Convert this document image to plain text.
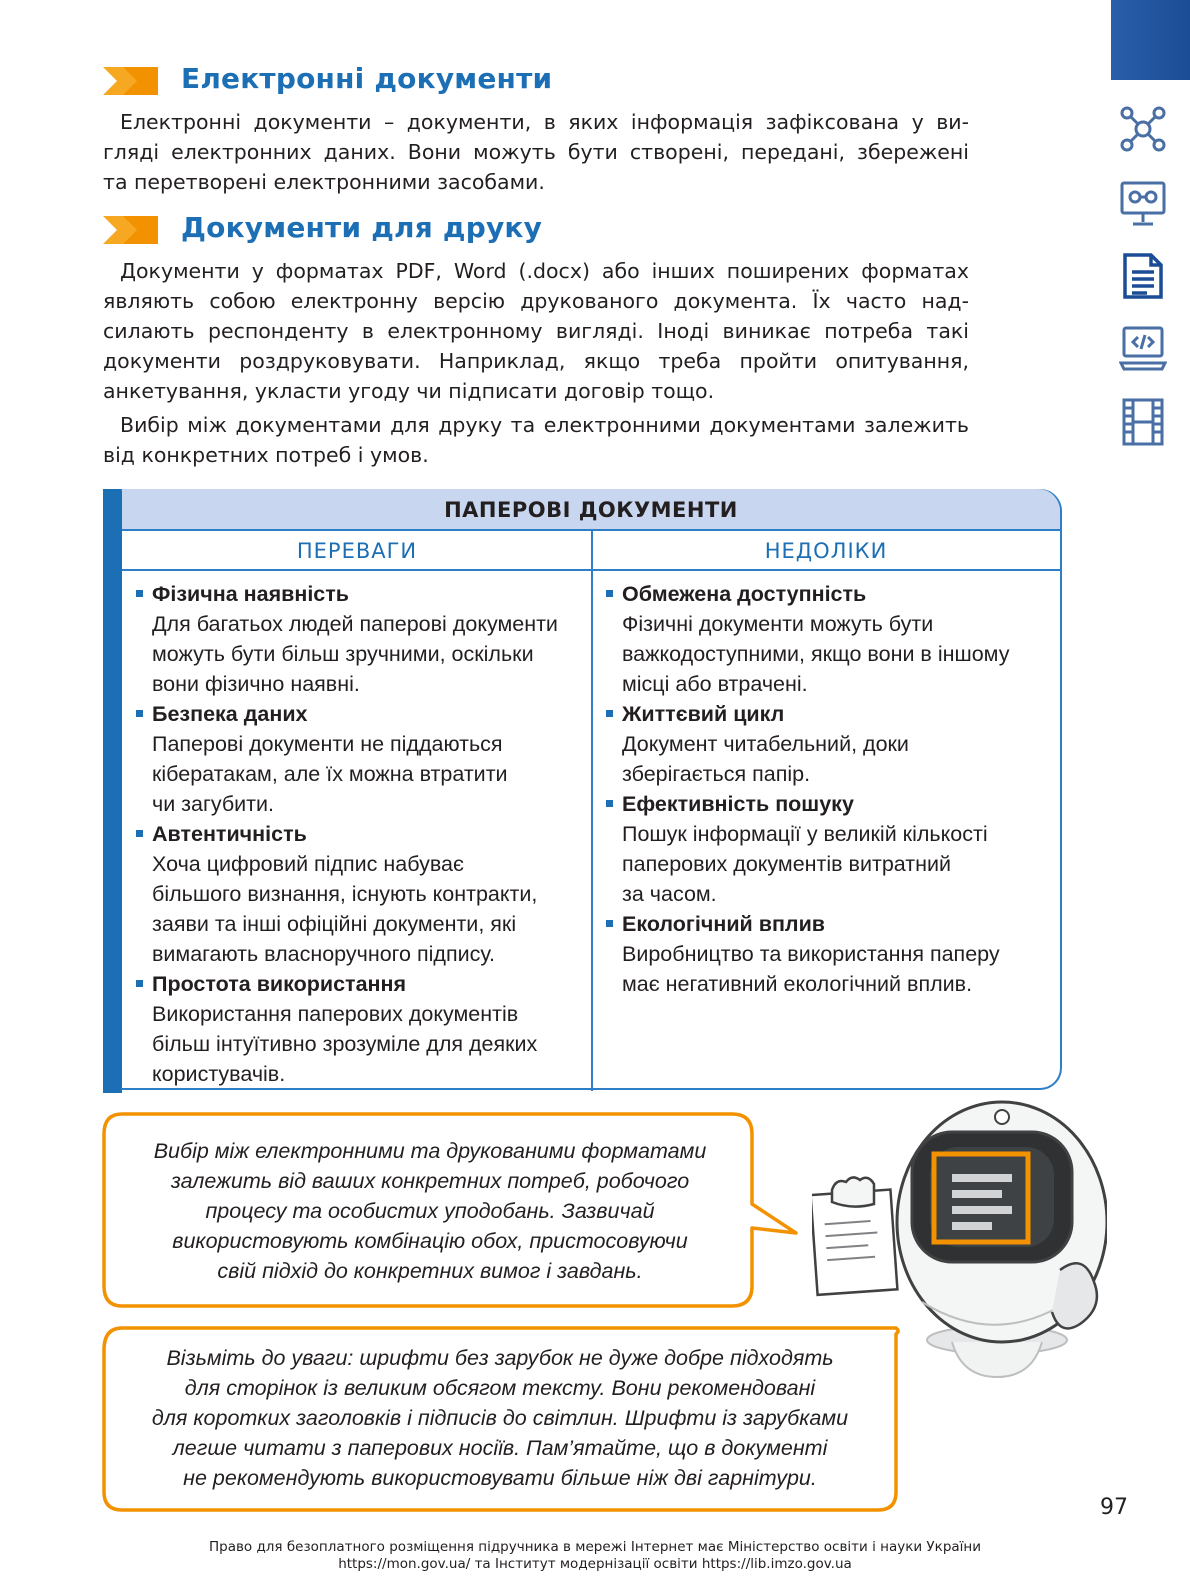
Електронні документи

Електронні документи – документи, в яких інформація зафіксована у ви-
гляді електронних даних. Вони можуть бути створені, передані, збережені
та перетворені електронними засобами.

Документи для друку

Документи у форматах PDF, Word (.docx) або інших поширених форматах
являють собою електронну версію друкованого документа. Їх часто над-
силають респонденту в електронному вигляді. Іноді виникає потреба такі
документи роздруковувати. Наприклад, якщо треба пройти опитування,
анкетування, укласти угоду чи підписати договір тощо.

Вибір між документами для друку та електронними документами залежить
від конкретних потреб і умов.

ПАПЕРОВІ ДОКУМЕНТИ
ПЕРЕВАГИ	НЕДОЛІКИ
Фізична наявність
Для багатьох людей паперові документи
можуть бути більш зручними, оскільки
вони фізично наявні.
Безпека даних
Паперові документи не піддаються
кібератакам, але їх можна втратити
чи загубити.
Автентичність
Хоча цифровий підпис набуває
більшого визнання, існують контракти,
заяви та інші офіційні документи, які
вимагають власноручного підпису.
Простота використання
Використання паперових документів
більш інтуїтивно зрозуміле для деяких
користувачів.
Обмежена доступність
Фізичні документи можуть бути
важкодоступними, якщо вони в іншому
місці або втрачені.
Життєвий цикл
Документ читабельний, доки
зберігається папір.
Ефективність пошуку
Пошук інформації у великій кількості
паперових документів витратний
за часом.
Екологічний вплив
Виробництво та використання паперу
має негативний екологічний вплив.
Вибір між електронними та друкованими форматами
залежить від ваших конкретних потреб, робочого
процесу та особистих уподобань. Зазвичай
використовують комбінацію обох, пристосовуючи
свій підхід до конкретних вимог і завдань.
Візьміть до уваги: шрифти без зарубок не дуже добре підходять
для сторінок із великим обсягом тексту. Вони рекомендовані
для коротких заголовків і підписів до світлин. Шрифти із зарубками
легше читати з паперових носіїв. Пам’ятайте, що в документі
не рекомендують використовувати більше ніж дві гарнітури.
97
Право для безоплатного розміщення підручника в мережі Інтернет має Міністерство освіти і науки України
https://mon.gov.ua/ та Інститут модернізації освіти https://lib.imzo.gov.ua
